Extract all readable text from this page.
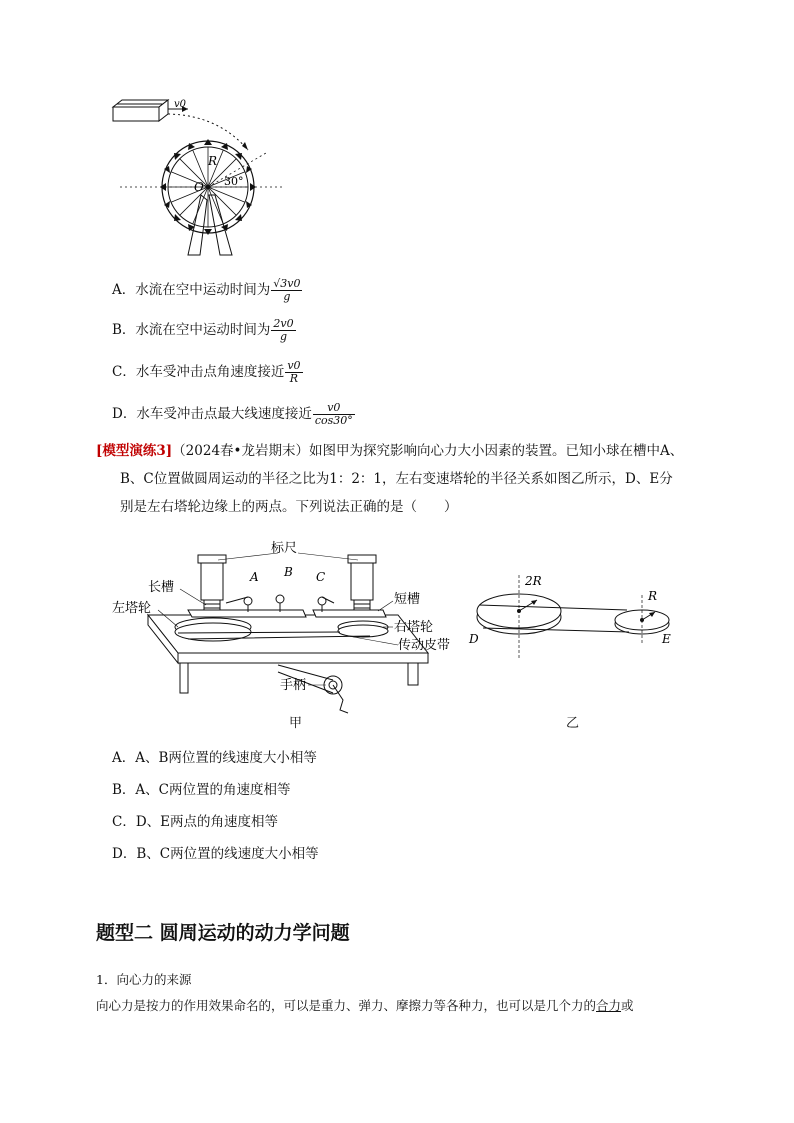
v0
O
R
30°
A．水流在空中运动时间为 $\frac{√3v0}{g}$
B．水流在空中运动时间为 $\frac{2v0}{g}$
C．水车受冲击点角速度接近 $\frac{v0}{R}$
D．水车受冲击点最大线速度接近 $\frac{v0}{\cos 30^\circ}$
[模型演练3]（2024春•龙岩期末）如图甲为探究影响向心力大小因素的装置。已知小球在槽中A、
B、C位置做圆周运动的半径之比为1：2：1，左右变速塔轮的半径关系如图乙所示，D、E分
别是左右塔轮边缘上的两点。下列说法正确的是（　　）
标尺
长槽
左塔轮
短槽
右塔轮
传动皮带
手柄
A B C
甲
2R
R
D	E
乙
A．A、B两位置的线速度大小相等
B．A、C两位置的角速度相等
C．D、E两点的角速度相等
D．B、C两位置的线速度大小相等
题型二 圆周运动的动力学问题
1．向心力的来源
向心力是按力的作用效果命名的，可以是重力、弹力、摩擦力等各种力，也可以是几个力的合力或
